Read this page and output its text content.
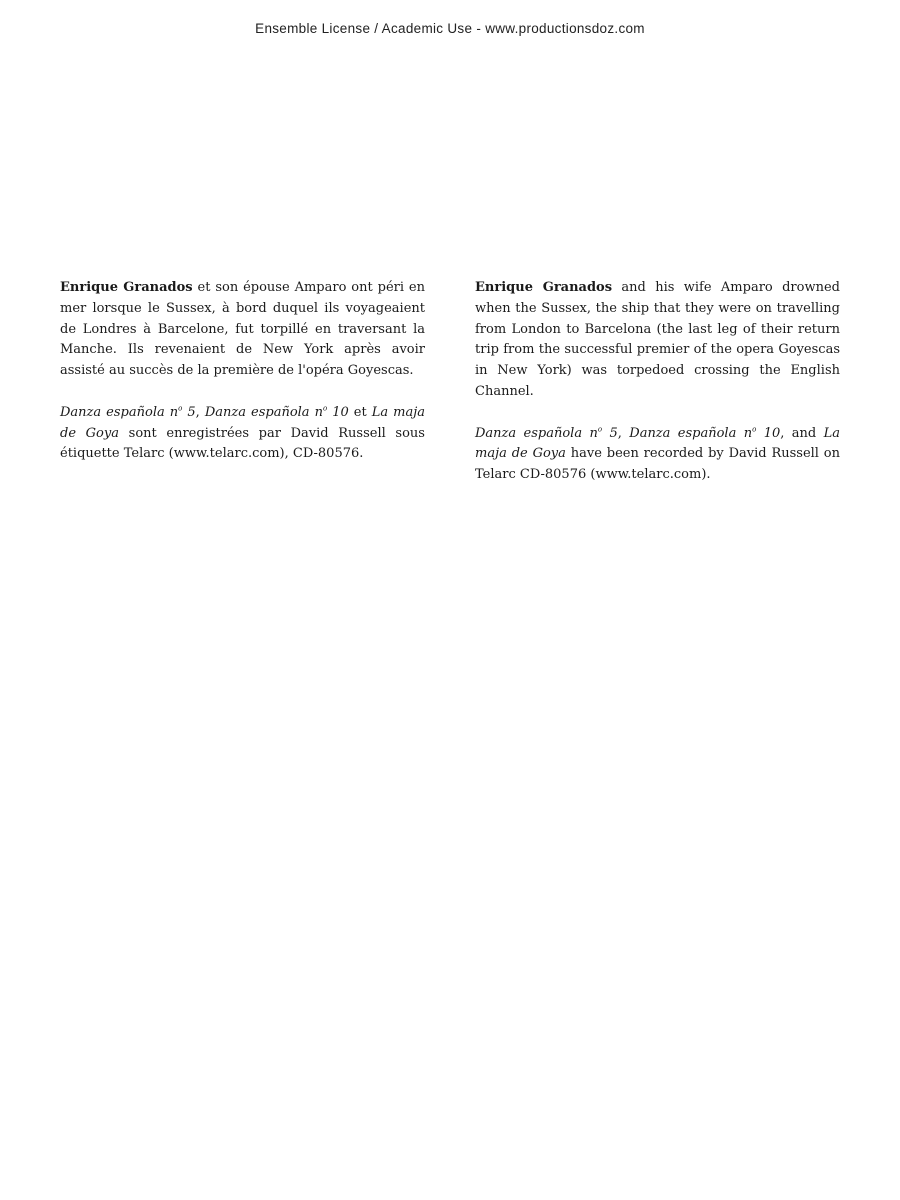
Ensemble License / Academic Use - www.productionsdoz.com

Enrique Granados et son épouse Amparo ont péri en mer lorsque le Sussex, à bord duquel ils voyageaient de Londres à Barcelone, fut torpillé en traversant la Manche. Ils revenaient de New York après avoir assisté au succès de la première de l'opéra Goyescas.

Danza española $n^o$ 5, Danza española $n^o$ 10 et La maja de Goya sont enregistrées par David Russell sous étiquette Telarc (www.telarc.com), CD-80576.

Enrique Granados and his wife Amparo drowned when the Sussex, the ship that they were on travelling from London to Barcelona (the last leg of their return trip from the successful premier of the opera Goyescas in New York) was torpedoed crossing the English Channel.

Danza española $n^o$ 5, Danza española $n^o$ 10, and La maja de Goya have been recorded by David Russell on Telarc CD-80576 (www.telarc.com).
